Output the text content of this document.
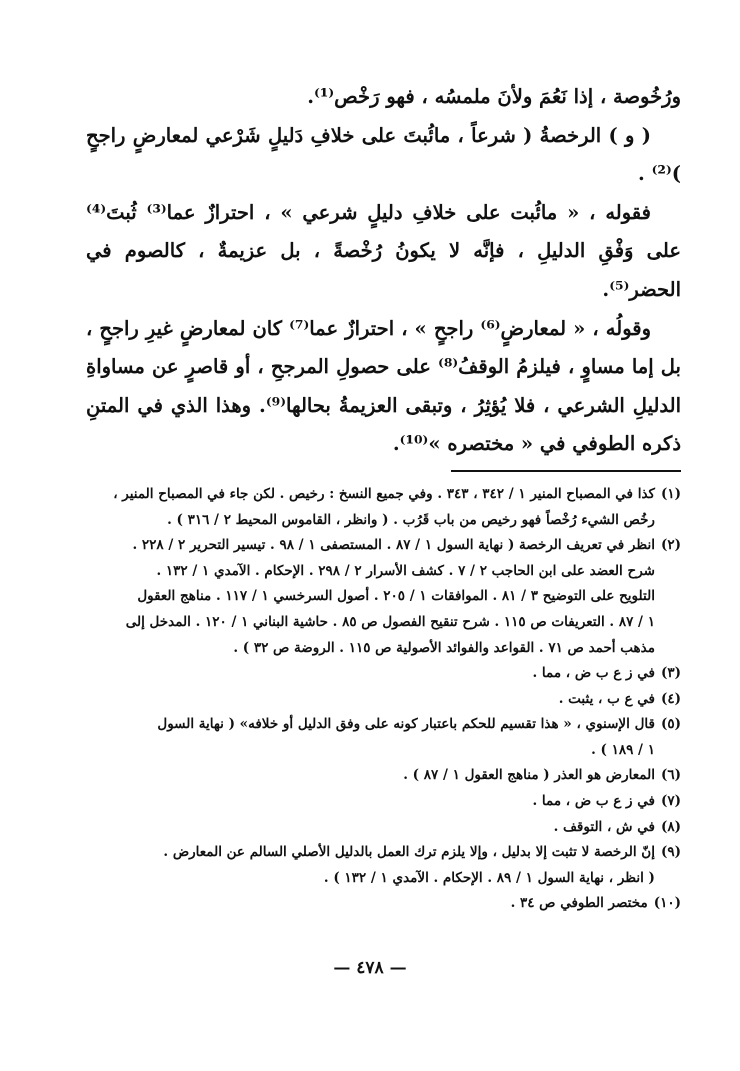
ورُخُوصة ، إذا نَعُمَ ولأنَ ملمسُه ، فهو رَخْص⁽¹⁾.

( و ) الرخصةُ ( شرعاً ، مائُبتَ على خلافِ دَليلٍ شَرْعي لمعارضٍ راجحٍ )⁽²⁾ .

فقوله ، « مائُبت على خلافِ دليلٍ شرعي » ، احترازٌ عما⁽³⁾ ثُبتَ⁽⁴⁾ على وَفْقِ الدليلِ ، فإنَّه لا يكونُ رُخْصةً ، بل عزيمةٌ ، كالصوم في الحضر⁽⁵⁾.

وقولُه ، « لمعارضٍ⁽⁶⁾ راجحٍ » ، احترازٌ عما⁽⁷⁾ كان لمعارضٍ غيرِ راجحٍ ، بل إما مساوٍ ، فيلزمُ الوقفُ⁽⁸⁾ على حصولِ المرجحِ ، أو قاصرٍ عن مساواةِ الدليلِ الشرعي ، فلا يُؤثِرُ ، وتبقى العزيمةُ بحالها⁽⁹⁾. وهذا الذي في المتنِ ذكره الطوفي في « مختصره »⁽¹⁰⁾.

(١)
كذا في المصباح المنير ١ / ٣٤٢ ، ٣٤٣ . وفي جميع النسخ : رخيص . لكن جاء في المصباح المنير ،
رخُص الشيء رُخْصاً فهو رخيص من باب قَرُب . ( وانظر ، القاموس المحيط ٢ / ٣١٦ ) .
(٢)
انظر في تعريف الرخصة ( نهاية السول ١ / ٨٧ . المستصفى ١ / ٩٨ . تيسير التحرير ٢ / ٢٢٨ .
شرح العضد على ابن الحاجب ٢ / ٧ . كشف الأسرار ٢ / ٢٩٨ . الإحكام . الآمدي ١ / ١٣٢ .
التلويح على التوضيح ٣ / ٨١ . الموافقات ١ / ٢٠٥ . أصول السرخسي ١ / ١١٧ . مناهج العقول
١ / ٨٧ . التعريفات ص ١١٥ . شرح تنقيح الفصول ص ٨٥ . حاشية البناني ١ / ١٢٠ . المدخل إلى
مذهب أحمد ص ٧١ . القواعد والفوائد الأصولية ص ١١٥ . الروضة ص ٣٢ ) .
(٣)
في ز ع ب ض ، مما .
(٤)
في ع ب ، يثبت .
(٥)
قال الإسنوي ، « هذا تقسيم للحكم باعتبار كونه على وفق الدليل أو خلافه» ( نهاية السول
١ / ١٨٩ ) .
(٦)
المعارض هو العذر ( مناهج العقول ١ / ٨٧ ) .
(٧)
في ز ع ب ض ، مما .
(٨)
في ش ، التوقف .
(٩)
إنّ الرخصة لا تثبت إلا بدليل ، وإلا يلزم ترك العمل بالدليل الأصلي السالم عن المعارض .
( انظر ، نهاية السول ١ / ٨٩ . الإحكام . الآمدي ١ / ١٣٢ ) .
(١٠)
مختصر الطوفي ص ٣٤ .
— ٤٧٨ —
